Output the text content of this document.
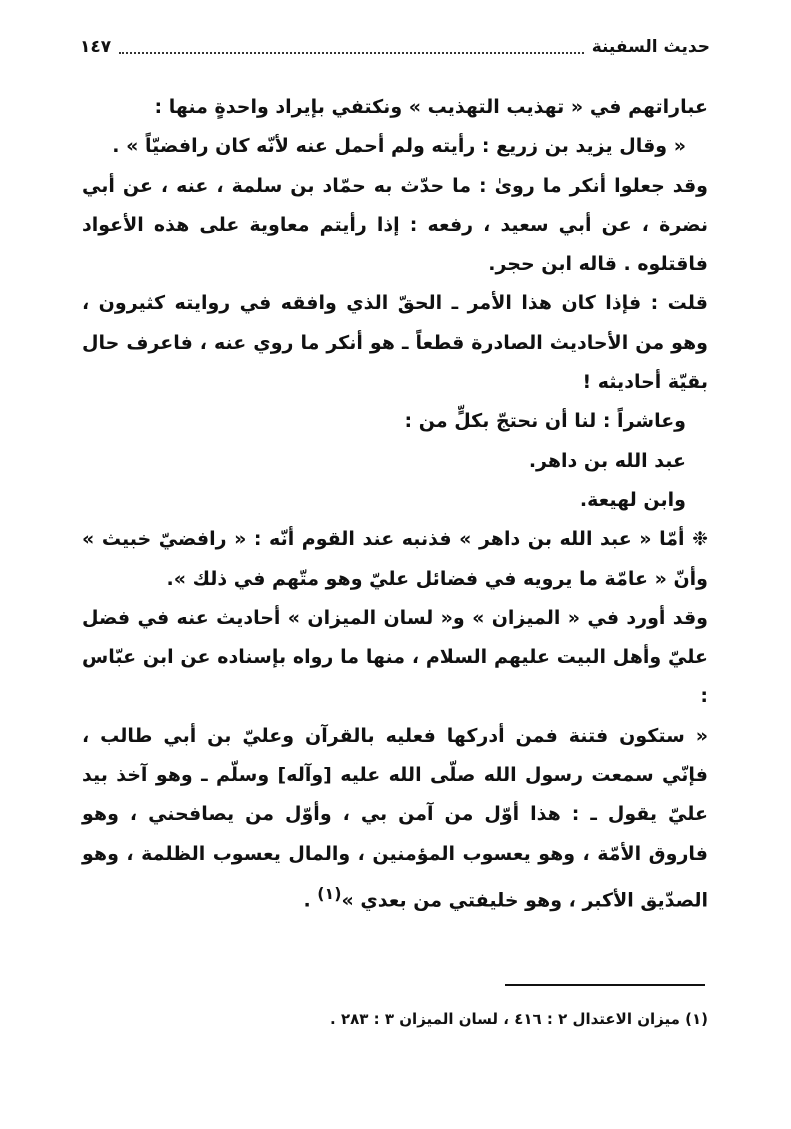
حديث السفينة
١٤٧

عباراتهم في « تهذيب التهذيب » ونكتفي بإيراد واحدةٍ منها :

« وقال يزيد بن زريع : رأيته ولم أحمل عنه لأنّه كان رافضيّاً » .

وقد جعلوا أنكر ما روىٰ : ما حدّث به حمّاد بن سلمة ، عنه ، عن أبي نضرة ، عن أبي سعيد ، رفعه : إذا رأيتم معاوية على هذه الأعواد فاقتلوه . قاله ابن حجر.

قلت : فإذا كان هذا الأمر ـ الحقّ الذي وافقه في روايته كثيرون ، وهو من الأحاديث الصادرة قطعاً ـ هو أنكر ما روي عنه ، فاعرف حال بقيّة أحاديثه !

وعاشراً : لنا أن نحتجّ بكلٍّ من :

عبد الله بن داهر.

وابن لهيعة.

❉ أمّا « عبد الله بن داهر » فذنبه عند القوم أنّه : « رافضيّ خبيث » وأنّ « عامّة ما يرويه في فضائل عليّ وهو متّهم في ذلك ».

وقد أورد في « الميزان » و« لسان الميزان » أحاديث عنه في فضل عليّ وأهل البيت عليهم السلام ، منها ما رواه بإسناده عن ابن عبّاس :

« ستكون فتنة فمن أدركها فعليه بالقرآن وعليّ بن أبي طالب ، فإنّي سمعت رسول الله صلّى الله عليه [وآله] وسلّم ـ وهو آخذ بيد عليّ يقول ـ : هذا أوّل من آمن بي ، وأوّل من يصافحني ، وهو فاروق الأمّة ، وهو يعسوب المؤمنين ، والمال يعسوب الظلمة ، وهو الصدّيق الأكبر ، وهو خليفتي من بعدي »$^{(١)}$ .

(١) ميزان الاعتدال ٢ : ٤١٦ ، لسان الميزان ٣ : ٢٨٣ .
